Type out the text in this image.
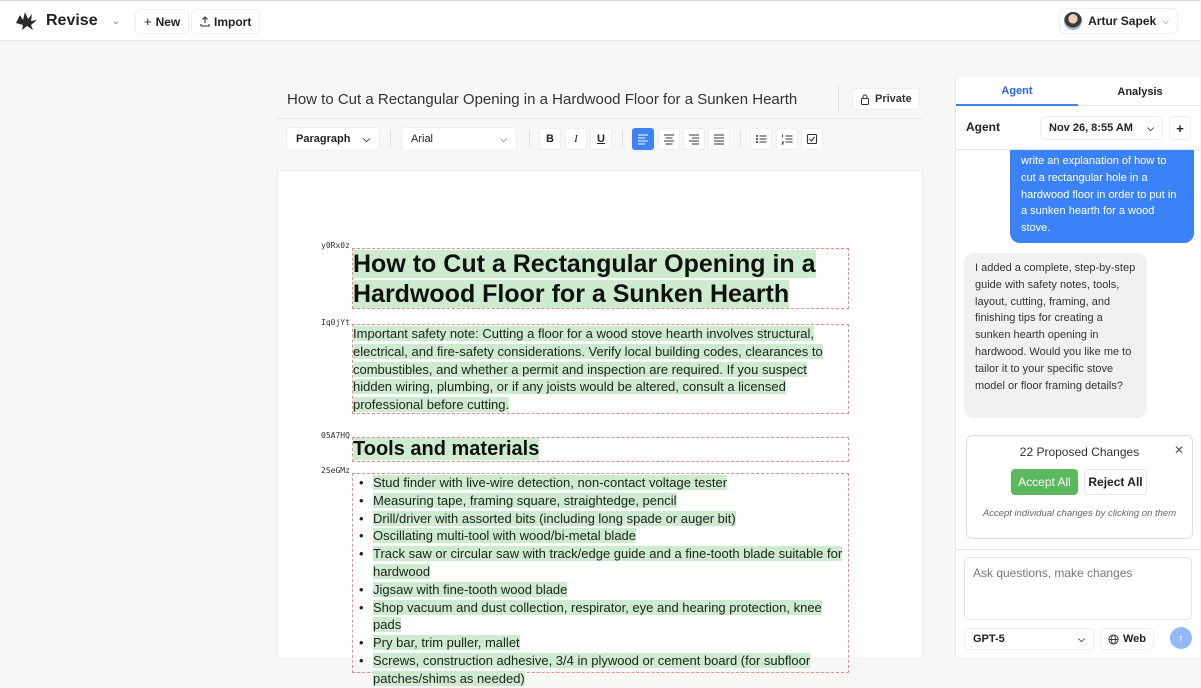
Revise ⌄ + New	Import	Artur Sapek ⌵
How to Cut a Rectangular Opening in a Hardwood Floor for a Sunken Hearth	Private
Paragraph ⌵	Arial	⌵	B	I	U
y0Rx0z
How to Cut a Rectangular Opening in a Hardwood Floor for a Sunken Hearth
Iq0jYt
Important safety note: Cutting a floor for a wood stove hearth involves structural, electrical, and fire-safety considerations. Verify local building codes, clearances to combustibles, and whether a permit and inspection are required. If you suspect hidden wiring, plumbing, or if any joists would be altered, consult a licensed professional before cutting.
05A7HQ
Tools and materials
2SeGMz
• Stud finder with live-wire detection, non-contact voltage tester
• Measuring tape, framing square, straightedge, pencil
• Drill/driver with assorted bits (including long spade or auger bit)
• Oscillating multi-tool with wood/bi-metal blade
• Track saw or circular saw with track/edge guide and a fine-tooth blade suitable for hardwood
• Jigsaw with fine-tooth wood blade
• Shop vacuum and dust collection, respirator, eye and hearing protection, knee pads
• Pry bar, trim puller, mallet
• Screws, construction adhesive, 3/4 in plywood or cement board (for subfloor patches/shims as needed)
Agent	Analysis
Agent	Nov 26, 8:55 AM ⌵	+
write an explanation of how to cut a rectangular hole in a hardwood floor in order to put in a sunken hearth for a wood stove.
I added a complete, step-by-step guide with safety notes, tools, layout, cutting, framing, and finishing tips for creating a sunken hearth opening in hardwood. Would you like me to tailor it to your specific stove model or floor framing details?
22 Proposed Changes	✕
Accept All	Reject All
Accept individual changes by clicking on them
Ask questions, make changes
GPT-5	⌵	Web	↑
